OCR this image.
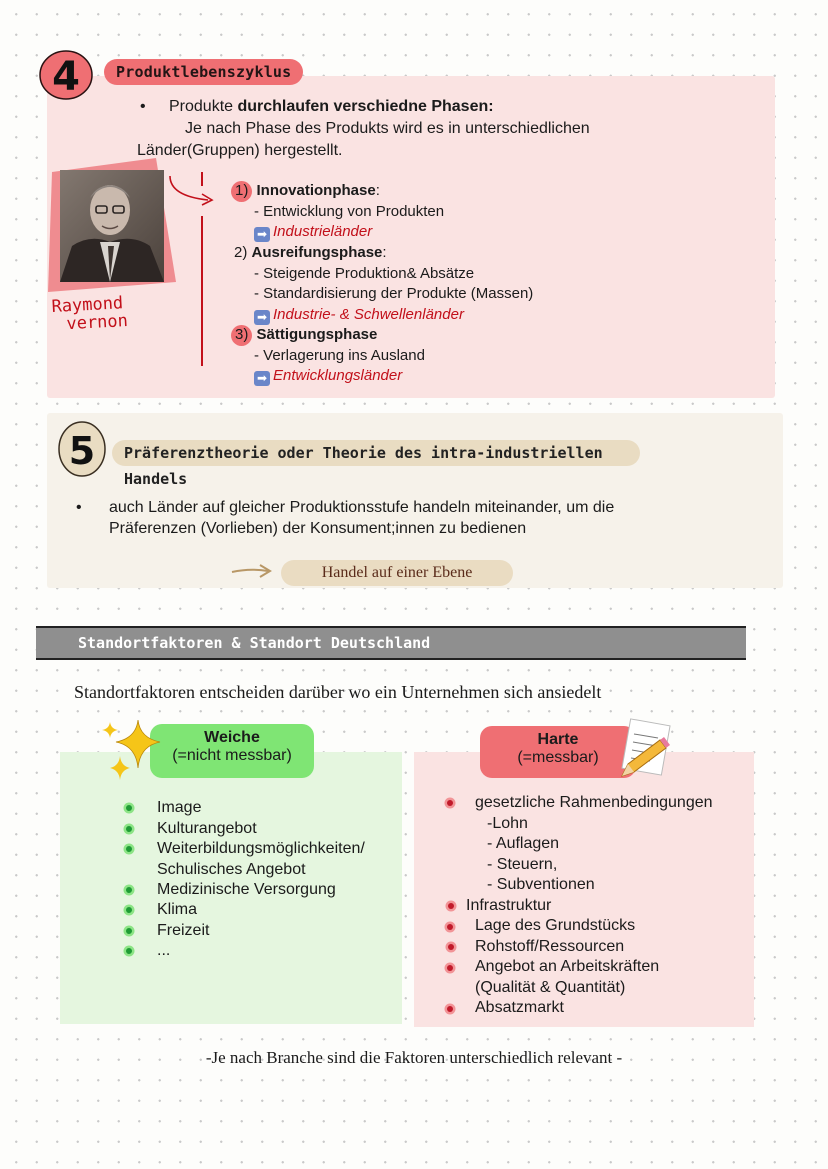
4	Produktlebenszyklus
• Produkte durchlaufen verschiedne Phasen:
Je nach Phase des Produkts wird es in unterschiedlichen
Länder(Gruppen) hergestellt.
Raymond
vernon
1) Innovationphase:
- Entwicklung von Produkten
➡ Industrieländer
2) Ausreifungsphase:
- Steigende Produktion& Absätze
- Standardisierung der Produkte (Massen)
➡ Industrie- & Schwellenländer
3) Sättigungsphase
- Verlagerung ins Ausland
➡ Entwicklungsländer
5	Präferenztheorie oder Theorie des intra-industriellen Handels
• auch Länder auf gleicher Produktionsstufe handeln miteinander, um die
Präferenzen (Vorlieben) der Konsument;innen zu bedienen
Handel auf einer Ebene
Standortfaktoren & Standort Deutschland
Standortfaktoren entscheiden darüber wo ein Unternehmen sich ansiedelt
Weiche
(=nicht messbar)
Harte
(=messbar)
Image
Kulturangebot
Weiterbildungsmöglichkeiten/
Schulisches Angebot
Medizinische Versorgung
Klima
Freizeit
...
gesetzliche Rahmenbedingungen
-Lohn
- Auflagen
- Steuern,
- Subventionen
Infrastruktur
Lage des Grundstücks
Rohstoff/Ressourcen
Angebot an Arbeitskräften
(Qualität & Quantität)
Absatzmarkt
-Je nach Branche sind die Faktoren unterschiedlich relevant -
